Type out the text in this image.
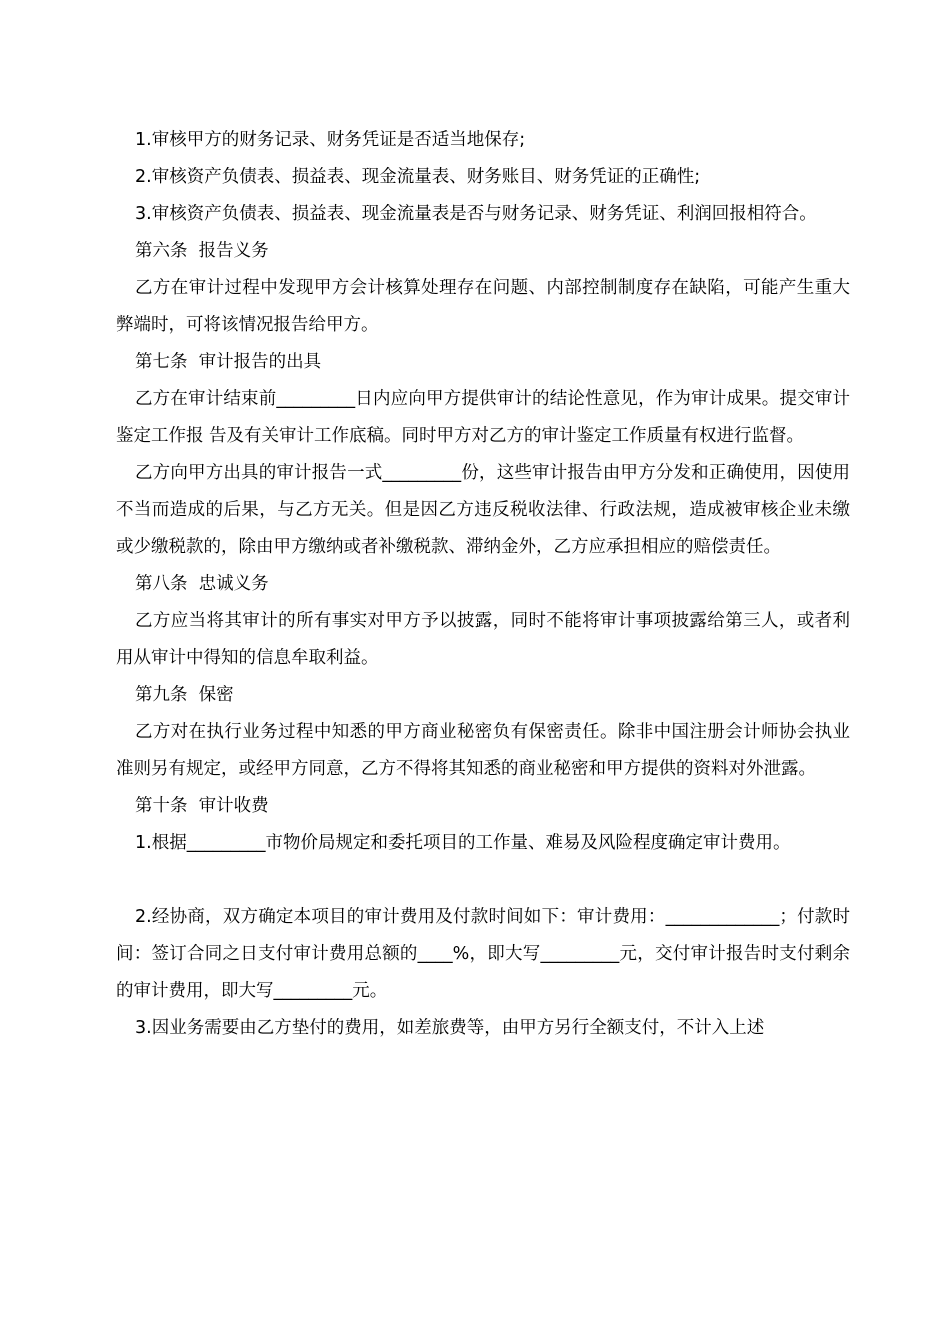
1.审核甲方的财务记录、财务凭证是否适当地保存;

2.审核资产负债表、损益表、现金流量表、财务账目、财务凭证的正确性;

3.审核资产负债表、损益表、现金流量表是否与财务记录、财务凭证、利润回报相符合。

第六条  报告义务

乙方在审计过程中发现甲方会计核算处理存在问题、内部控制制度存在缺陷，可能产生重大弊端时，可将该情况报告给甲方。

第七条  审计报告的出具

乙方在审计结束前_________日内应向甲方提供审计的结论性意见，作为审计成果。提交审计鉴定工作报 告及有关审计工作底稿。同时甲方对乙方的审计鉴定工作质量有权进行监督。

乙方向甲方出具的审计报告一式_________份，这些审计报告由甲方分发和正确使用，因使用不当而造成的后果，与乙方无关。但是因乙方违反税收法律、行政法规，造成被审核企业未缴或少缴税款的，除由甲方缴纳或者补缴税款、滞纳金外，乙方应承担相应的赔偿责任。

第八条  忠诚义务

乙方应当将其审计的所有事实对甲方予以披露，同时不能将审计事项披露给第三人，或者利用从审计中得知的信息牟取利益。

第九条  保密

乙方对在执行业务过程中知悉的甲方商业秘密负有保密责任。除非中国注册会计师协会执业准则另有规定，或经甲方同意，乙方不得将其知悉的商业秘密和甲方提供的资料对外泄露。

第十条  审计收费

1.根据_________市物价局规定和委托项目的工作量、难易及风险程度确定审计费用。

2.经协商，双方确定本项目的审计费用及付款时间如下：审计费用：_____________；付款时间：签订合同之日支付审计费用总额的____%，即大写_________元，交付审计报告时支付剩余的审计费用，即大写_________元。

3.因业务需要由乙方垫付的费用，如差旅费等，由甲方另行全额支付，不计入上述
